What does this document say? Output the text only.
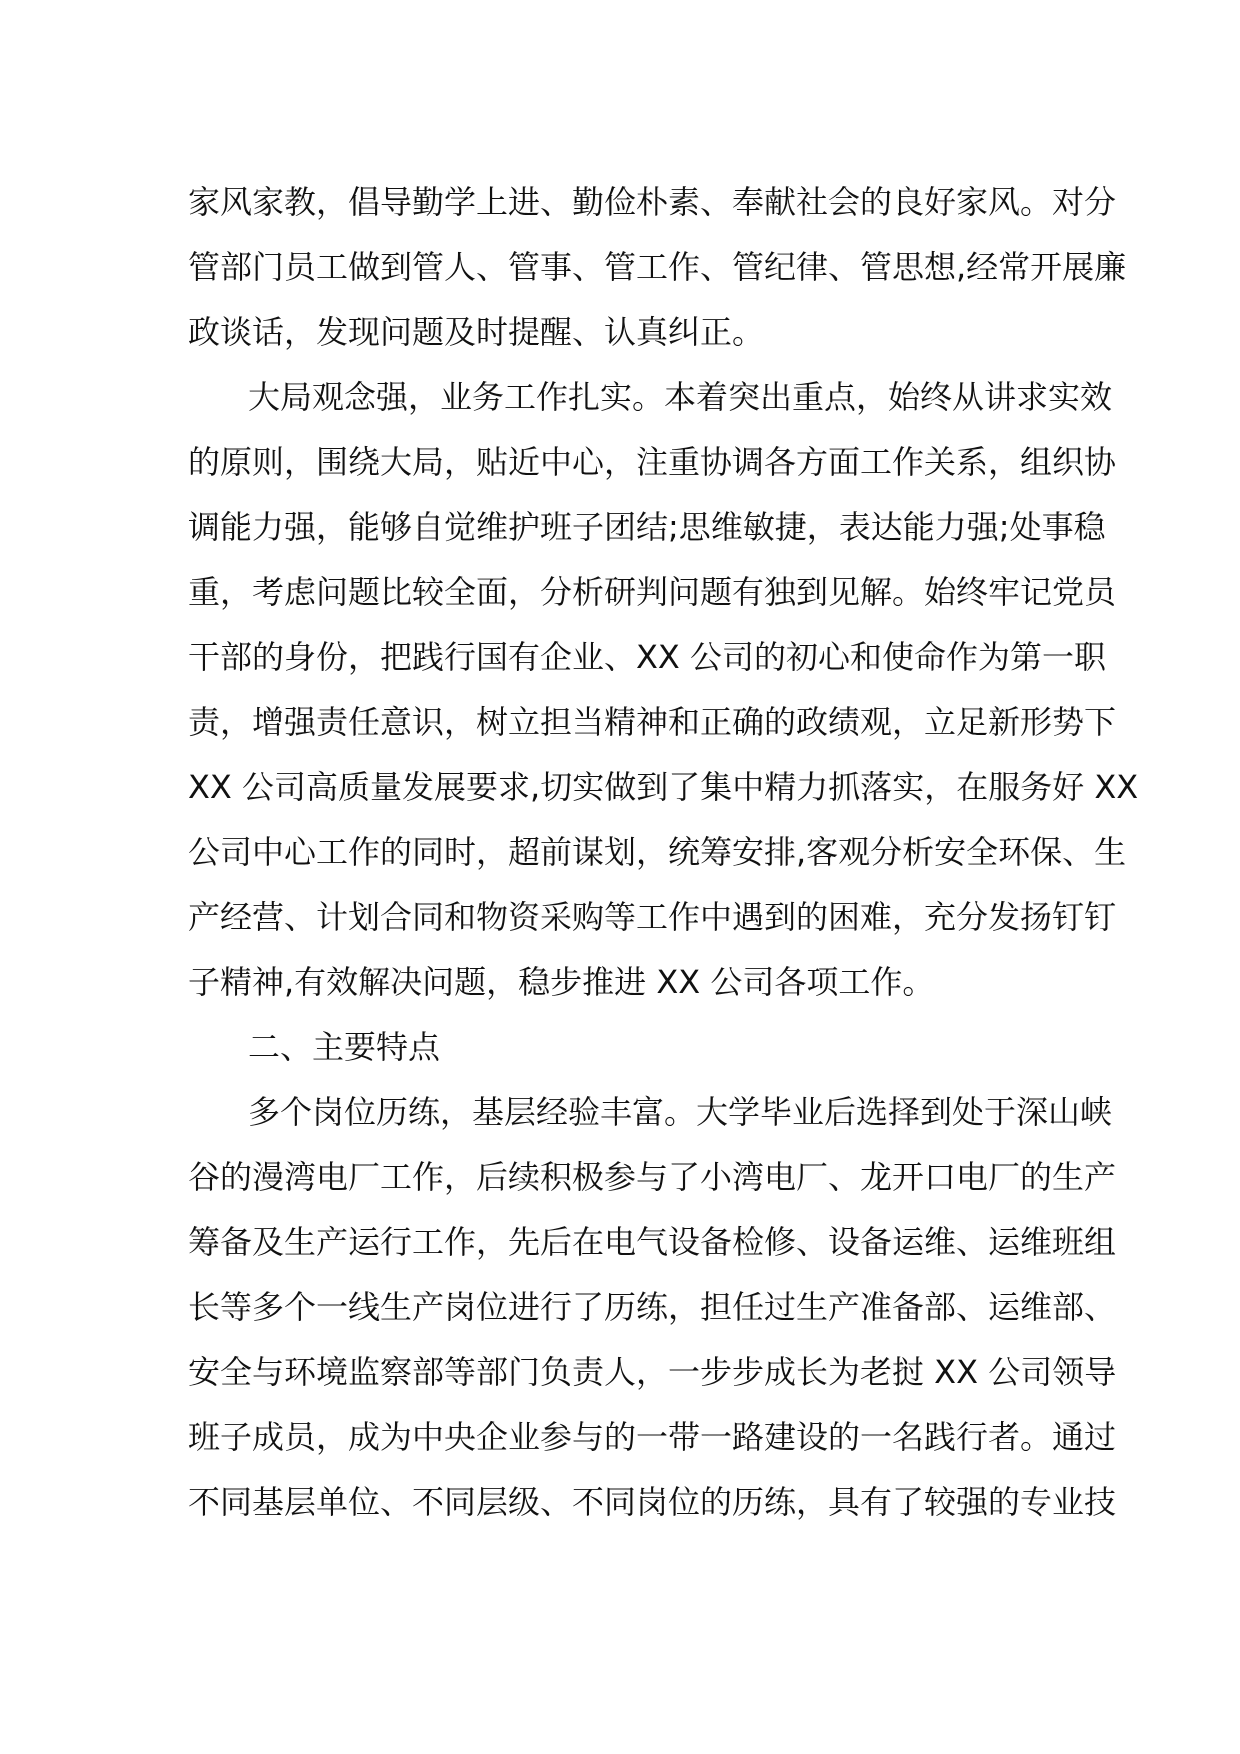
家风家教，倡导勤学上进、勤俭朴素、奉献社会的良好家风。对分
管部门员工做到管人、管事、管工作、管纪律、管思想,经常开展廉
政谈话，发现问题及时提醒、认真纠正。
大局观念强，业务工作扎实。本着突出重点，始终从讲求实效
的原则，围绕大局，贴近中心，注重协调各方面工作关系，组织协
调能力强，能够自觉维护班子团结;思维敏捷，表达能力强;处事稳
重，考虑问题比较全面，分析研判问题有独到见解。始终牢记党员
干部的身份，把践行国有企业、XX 公司的初心和使命作为第一职
责，增强责任意识，树立担当精神和正确的政绩观，立足新形势下
XX 公司高质量发展要求,切实做到了集中精力抓落实，在服务好 XX
公司中心工作的同时，超前谋划，统筹安排,客观分析安全环保、生
产经营、计划合同和物资采购等工作中遇到的困难，充分发扬钉钉
子精神,有效解决问题，稳步推进 XX 公司各项工作。
二、主要特点
多个岗位历练，基层经验丰富。大学毕业后选择到处于深山峡
谷的漫湾电厂工作，后续积极参与了小湾电厂、龙开口电厂的生产
筹备及生产运行工作，先后在电气设备检修、设备运维、运维班组
长等多个一线生产岗位进行了历练，担任过生产准备部、运维部、
安全与环境监察部等部门负责人，一步步成长为老挝 XX 公司领导
班子成员，成为中央企业参与的一带一路建设的一名践行者。通过
不同基层单位、不同层级、不同岗位的历练，具有了较强的专业技
